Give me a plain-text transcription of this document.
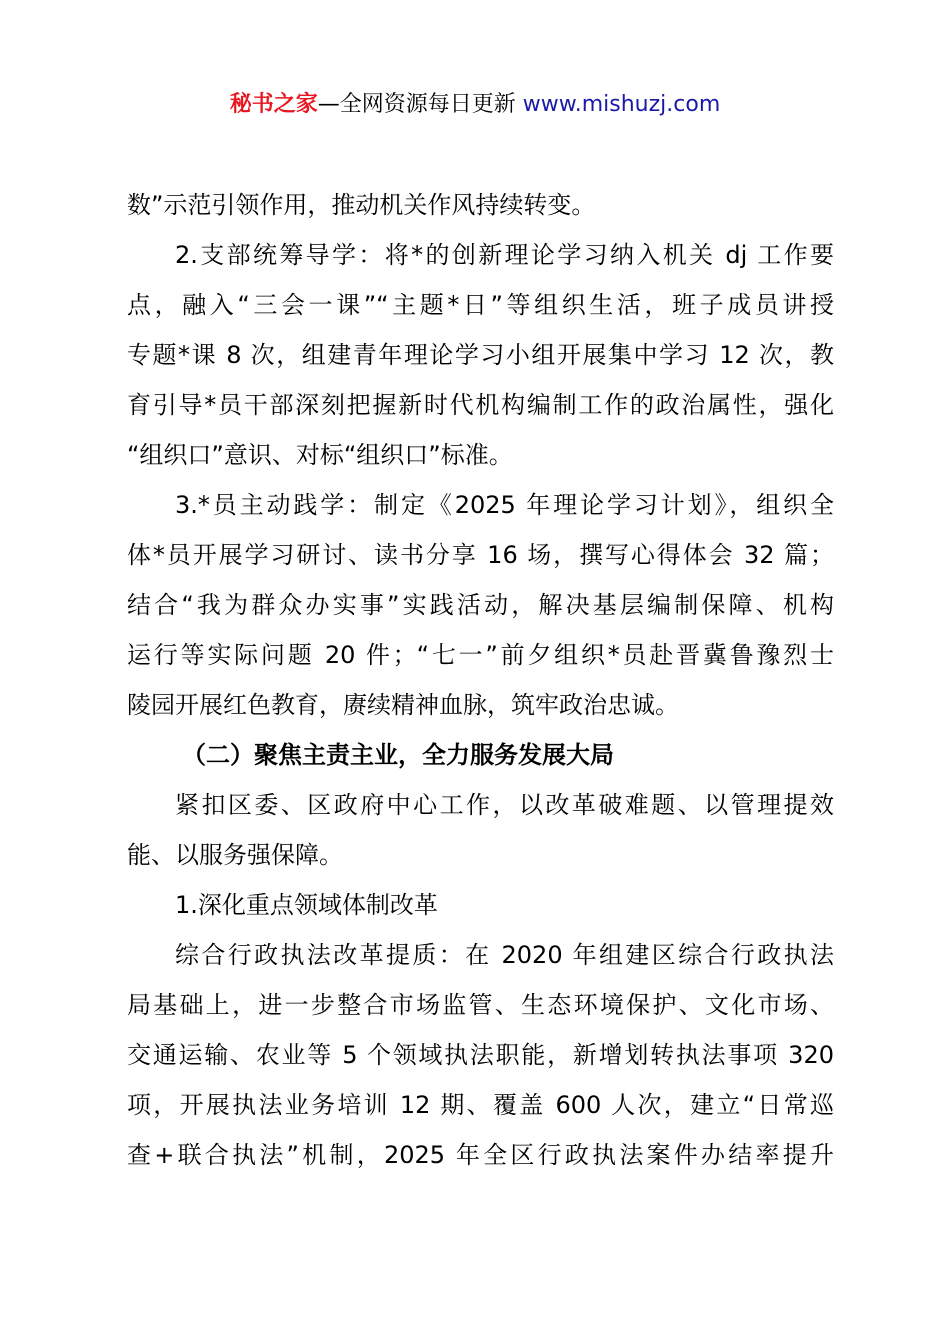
秘书之家—全网资源每日更新 www.mishuzj.com
数”示范引领作用，推动机关作风持续转变。
2.支部统筹导学：将*的创新理论学习纳入机关 dj 工作要
点，融入“三会一课”“主题*日”等组织生活，班子成员讲授
专题*课 8 次，组建青年理论学习小组开展集中学习 12 次，教
育引导*员干部深刻把握新时代机构编制工作的政治属性，强化
“组织口”意识、对标“组织口”标准。
3.*员主动践学：制定《2025 年理论学习计划》，组织全
体*员开展学习研讨、读书分享 16 场，撰写心得体会 32 篇；
结合“我为群众办实事”实践活动，解决基层编制保障、机构
运行等实际问题 20 件；“七一”前夕组织*员赴晋冀鲁豫烈士
陵园开展红色教育，赓续精神血脉，筑牢政治忠诚。
（二）聚焦主责主业，全力服务发展大局
紧扣区委、区政府中心工作，以改革破难题、以管理提效
能、以服务强保障。
1.深化重点领域体制改革
综合行政执法改革提质：在 2020 年组建区综合行政执法
局基础上，进一步整合市场监管、生态环境保护、文化市场、
交通运输、农业等 5 个领域执法职能，新增划转执法事项 320
项，开展执法业务培训 12 期、覆盖 600 人次，建立“日常巡
查+联合执法”机制，2025 年全区行政执法案件办结率提升
